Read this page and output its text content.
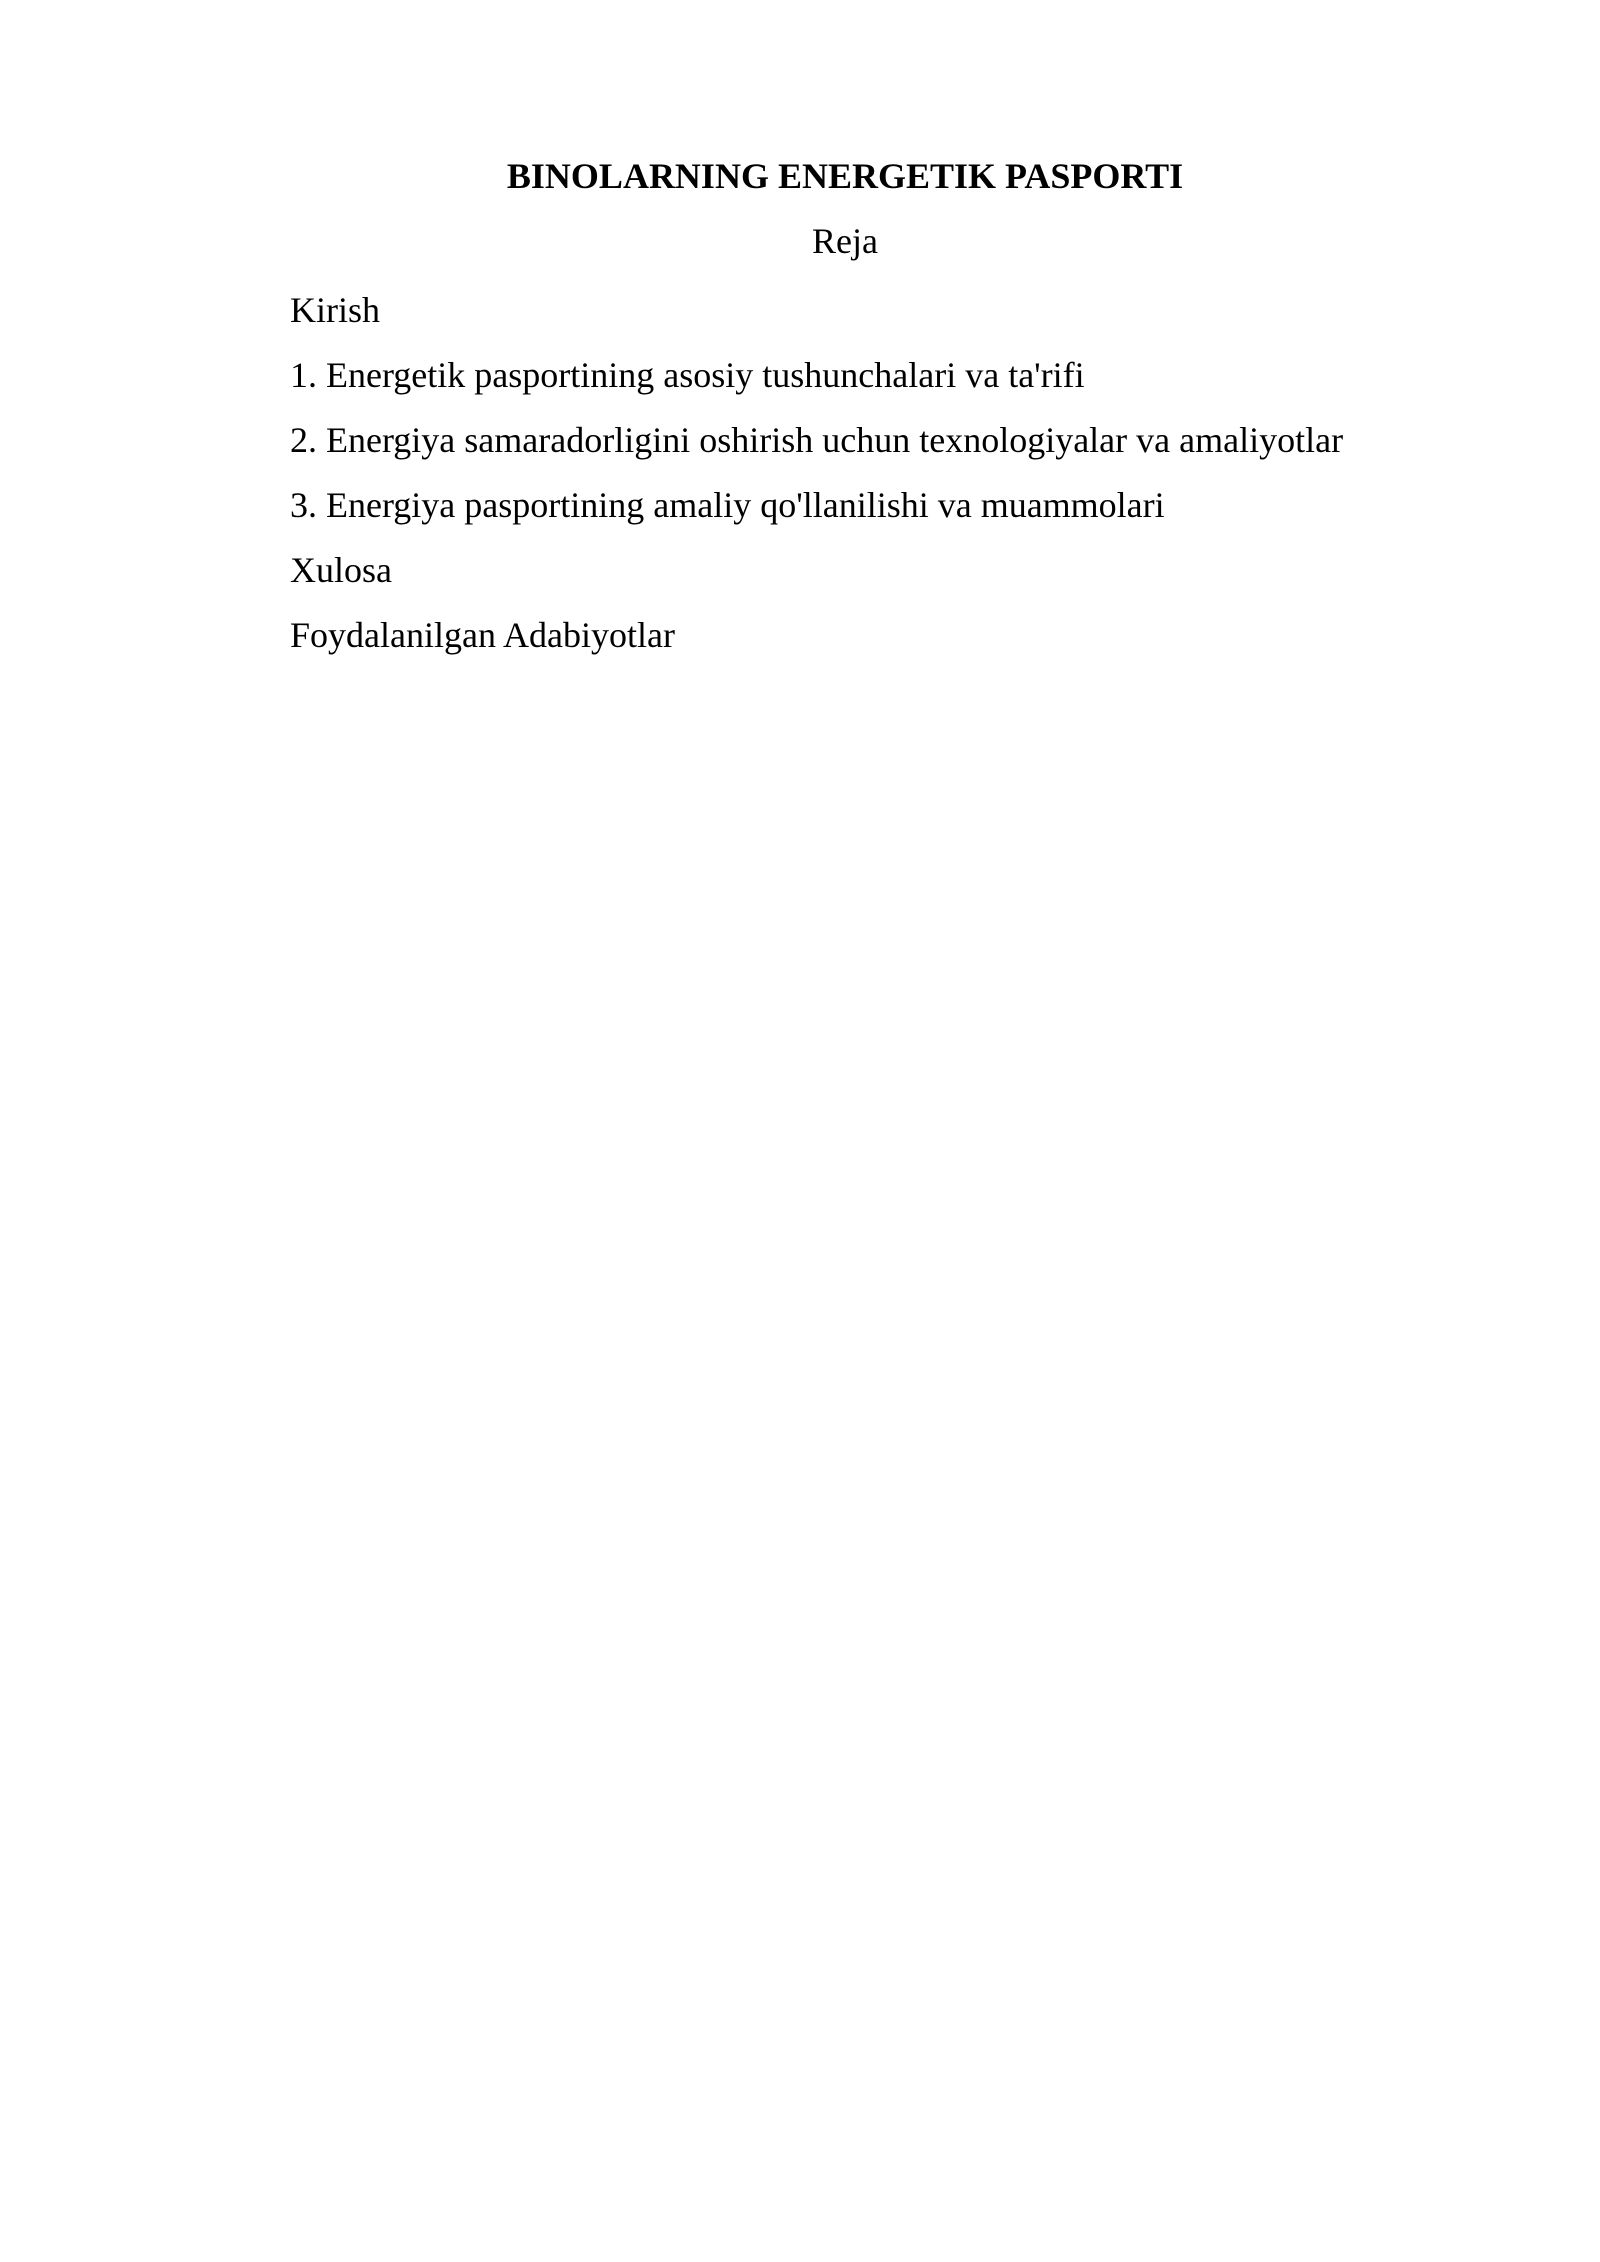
BINOLARNING ENERGETIK PASPORTI
Reja
Kirish
1. Energetik pasportining asosiy tushunchalari va ta'rifi
2. Energiya samaradorligini oshirish uchun texnologiyalar va amaliyotlar
3. Energiya pasportining amaliy qo'llanilishi va muammolari
Xulosa
Foydalanilgan Adabiyotlar
